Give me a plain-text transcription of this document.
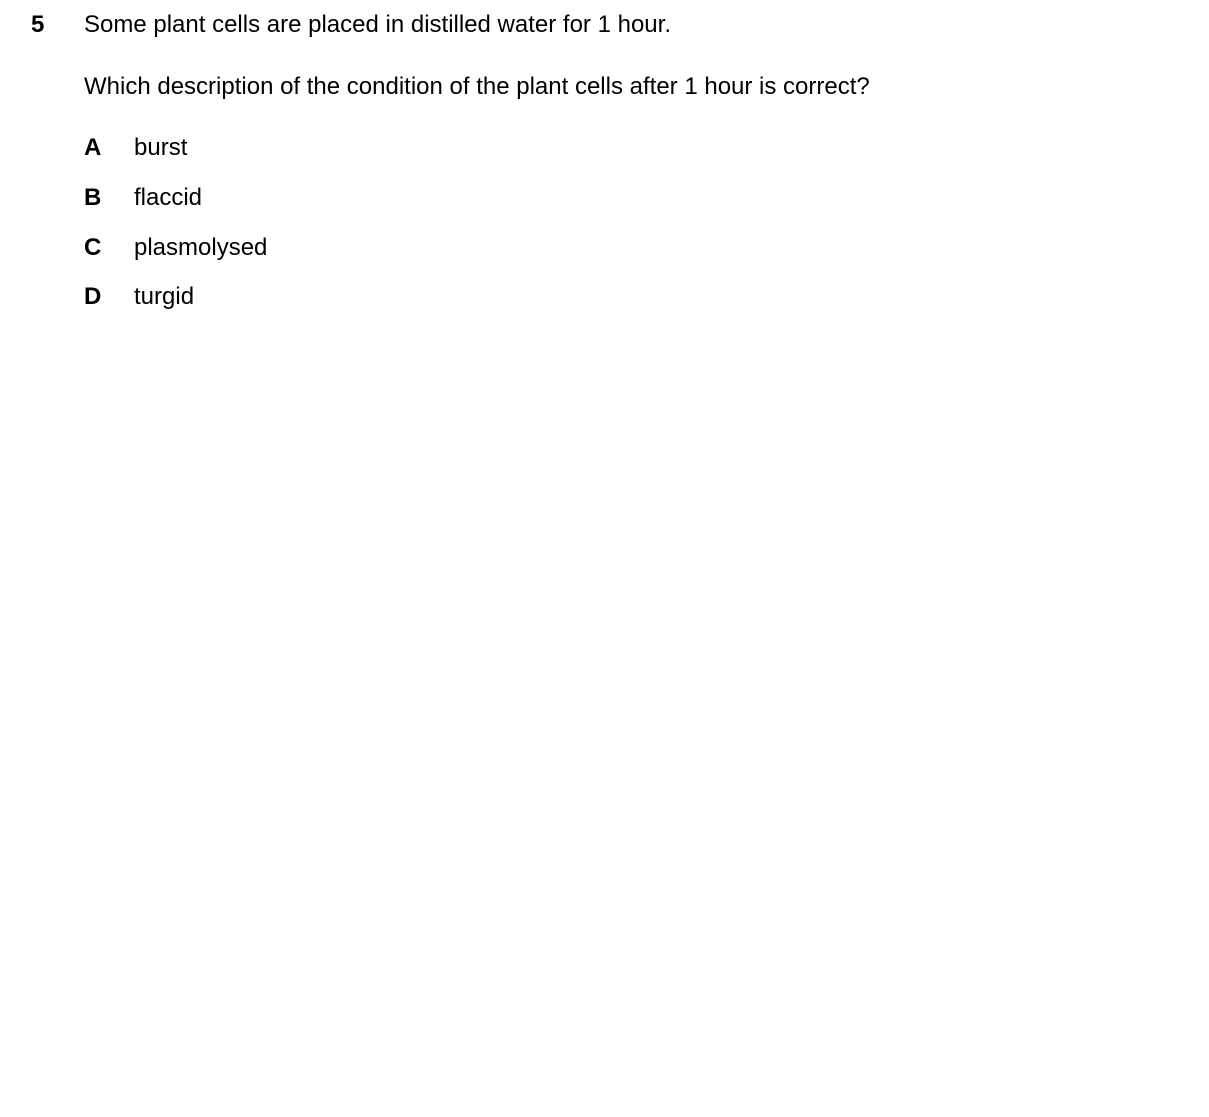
5 Some plant cells are placed in distilled water for 1 hour.
Which description of the condition of the plant cells after 1 hour is correct?
A burst
B flaccid
C plasmolysed
D turgid
